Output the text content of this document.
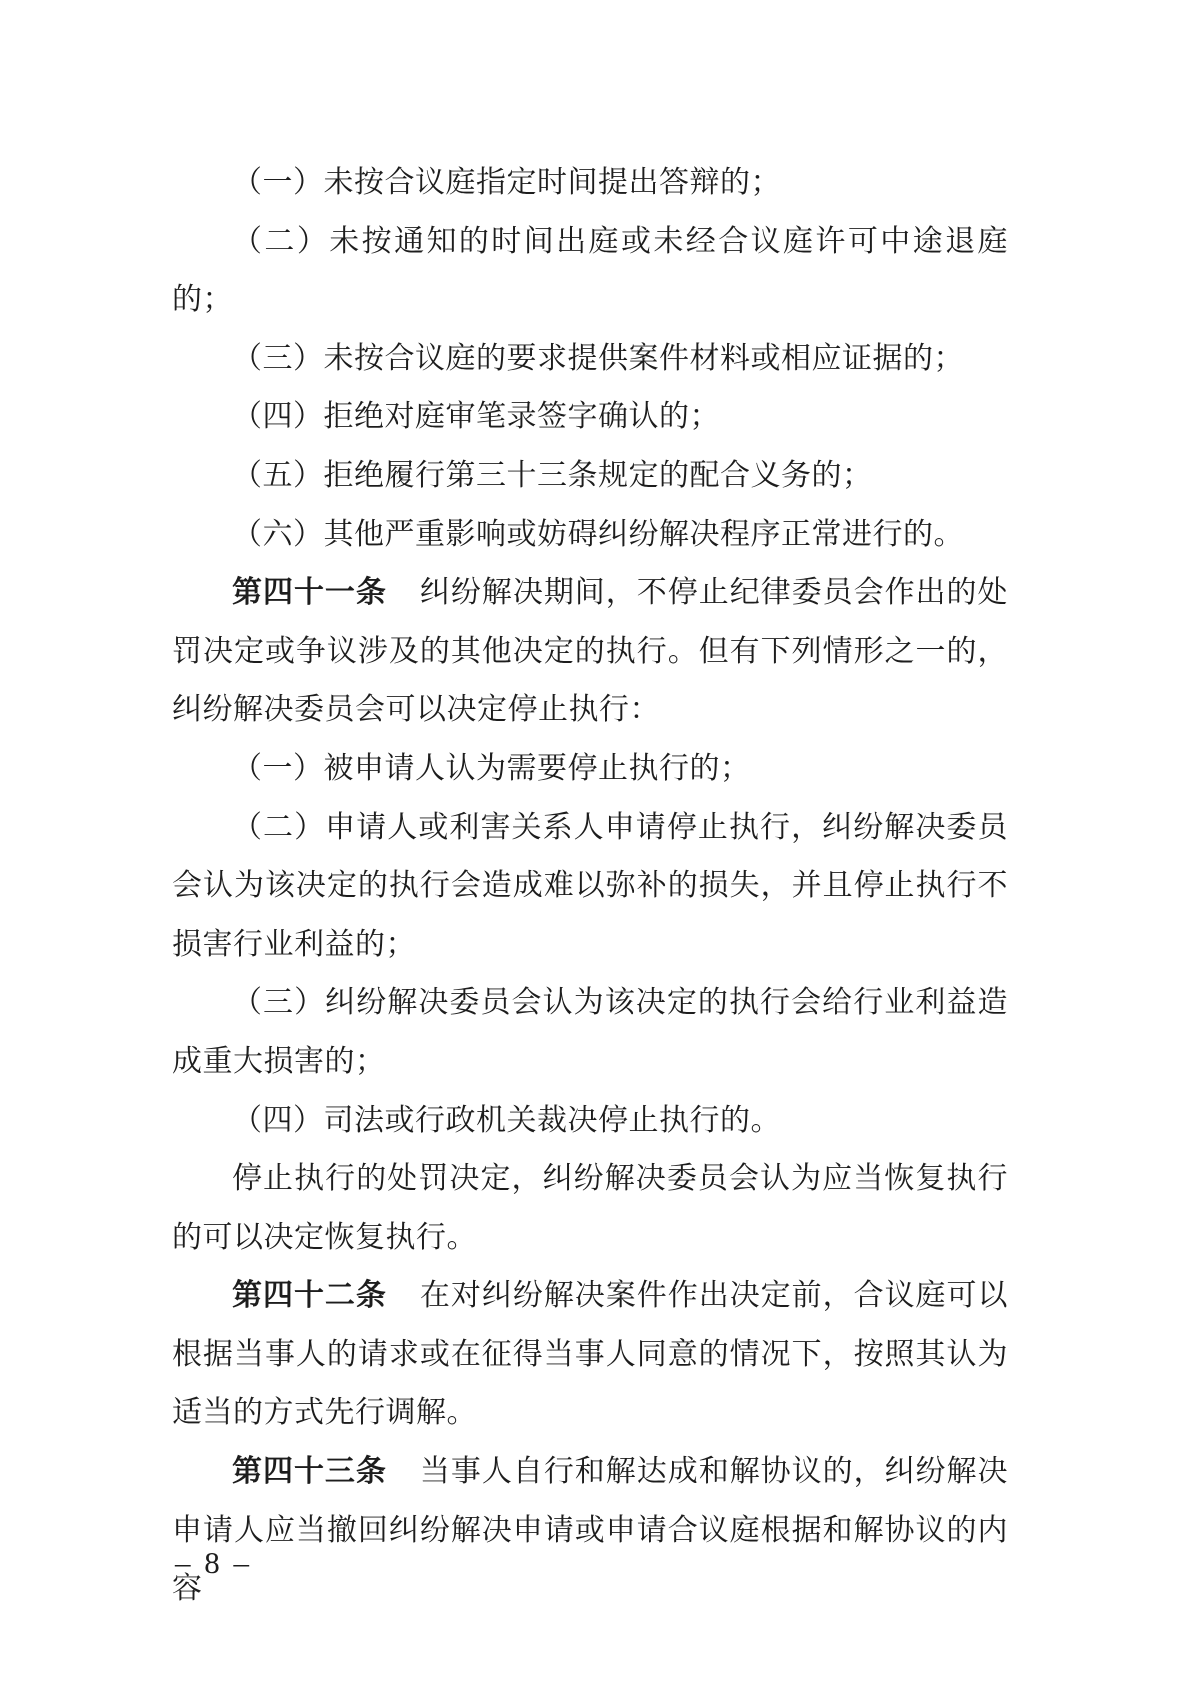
（一）未按合议庭指定时间提出答辩的；

（二）未按通知的时间出庭或未经合议庭许可中途退庭的；

（三）未按合议庭的要求提供案件材料或相应证据的；

（四）拒绝对庭审笔录签字确认的；

（五）拒绝履行第三十三条规定的配合义务的；

（六）其他严重影响或妨碍纠纷解决程序正常进行的。

第四十一条 纠纷解决期间，不停止纪律委员会作出的处罚决定或争议涉及的其他决定的执行。但有下列情形之一的，纠纷解决委员会可以决定停止执行：

（一）被申请人认为需要停止执行的；

（二）申请人或利害关系人申请停止执行，纠纷解决委员会认为该决定的执行会造成难以弥补的损失，并且停止执行不损害行业利益的；

（三）纠纷解决委员会认为该决定的执行会给行业利益造成重大损害的；

（四）司法或行政机关裁决停止执行的。

停止执行的处罚决定，纠纷解决委员会认为应当恢复执行的可以决定恢复执行。

第四十二条 在对纠纷解决案件作出决定前，合议庭可以根据当事人的请求或在征得当事人同意的情况下，按照其认为适当的方式先行调解。

第四十三条 当事人自行和解达成和解协议的，纠纷解决申请人应当撤回纠纷解决申请或申请合议庭根据和解协议的内容

– 8 –
